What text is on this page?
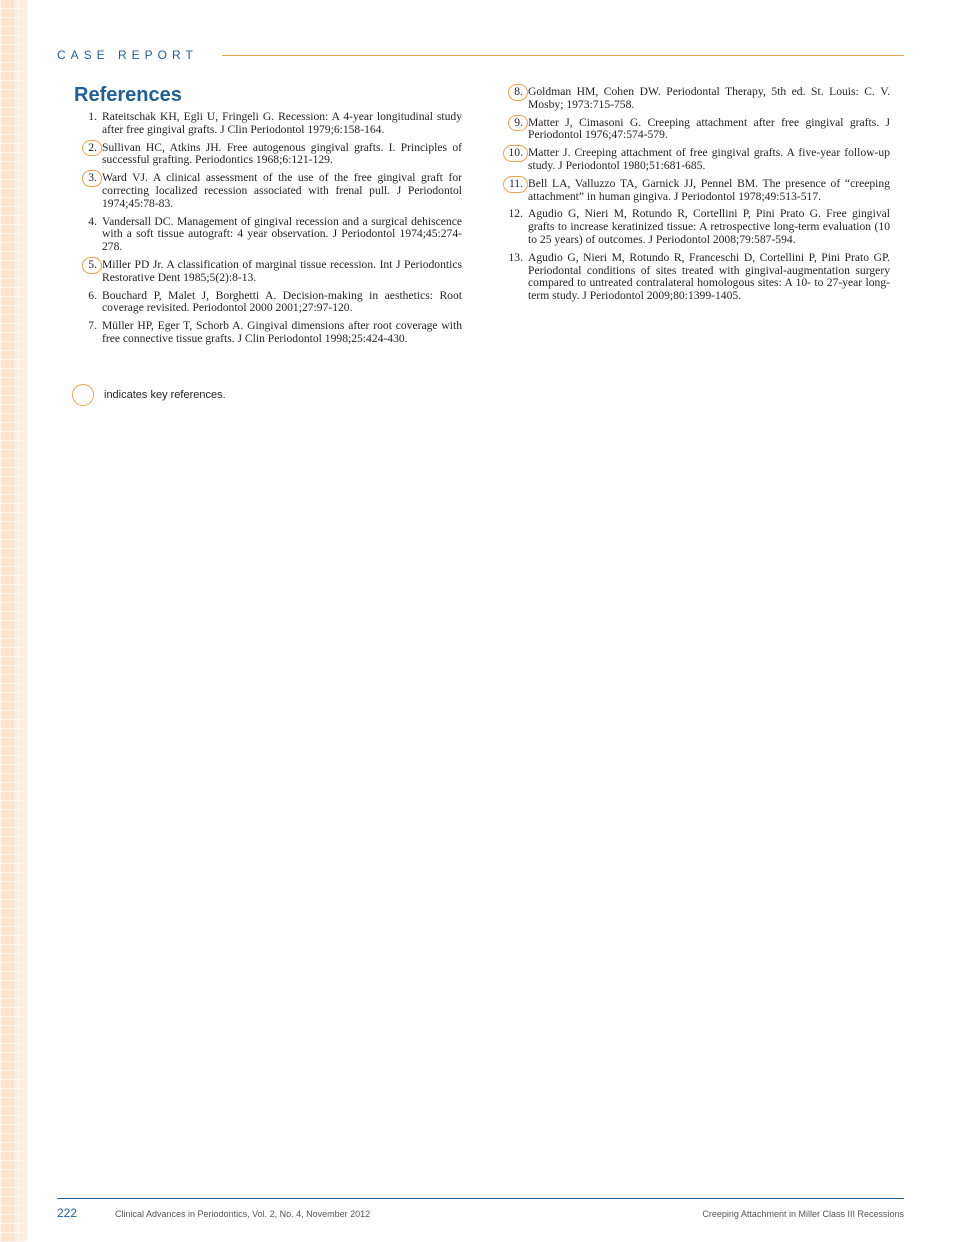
CASE REPORT
References
1. Rateitschak KH, Egli U, Fringeli G. Recession: A 4-year longitudinal study after free gingival grafts. J Clin Periodontol 1979;6:158-164.
2. Sullivan HC, Atkins JH. Free autogenous gingival grafts. I. Principles of successful grafting. Periodontics 1968;6:121-129.
3. Ward VJ. A clinical assessment of the use of the free gingival graft for correcting localized recession associated with frenal pull. J Periodontol 1974;45:78-83.
4. Vandersall DC. Management of gingival recession and a surgical dehiscence with a soft tissue autograft: 4 year observation. J Periodontol 1974;45:274-278.
5. Miller PD Jr. A classification of marginal tissue recession. Int J Periodontics Restorative Dent 1985;5(2):8-13.
6. Bouchard P, Malet J, Borghetti A. Decision-making in aesthetics: Root coverage revisited. Periodontol 2000 2001;27:97-120.
7. Müller HP, Eger T, Schorb A. Gingival dimensions after root coverage with free connective tissue grafts. J Clin Periodontol 1998;25:424-430.
8. Goldman HM, Cohen DW. Periodontal Therapy, 5th ed. St. Louis: C. V. Mosby; 1973:715-758.
9. Matter J, Cimasoni G. Creeping attachment after free gingival grafts. J Periodontol 1976;47:574-579.
10. Matter J. Creeping attachment of free gingival grafts. A five-year follow-up study. J Periodontol 1980;51:681-685.
11. Bell LA, Valluzzo TA, Garnick JJ, Pennel BM. The presence of “creeping attachment” in human gingiva. J Periodontol 1978;49:513-517.
12. Agudio G, Nieri M, Rotundo R, Cortellini P, Pini Prato G. Free gingival grafts to increase keratinized tissue: A retrospective long-term evaluation (10 to 25 years) of outcomes. J Periodontol 2008;79:587-594.
13. Agudio G, Nieri M, Rotundo R, Franceschi D, Cortellini P, Pini Prato GP. Periodontal conditions of sites treated with gingival-augmentation surgery compared to untreated contralateral homologous sites: A 10- to 27-year long-term study. J Periodontol 2009;80:1399-1405.
indicates key references.
222	Clinical Advances in Periodontics, Vol. 2, No. 4, November 2012	Creeping Attachment in Miller Class III Recessions
